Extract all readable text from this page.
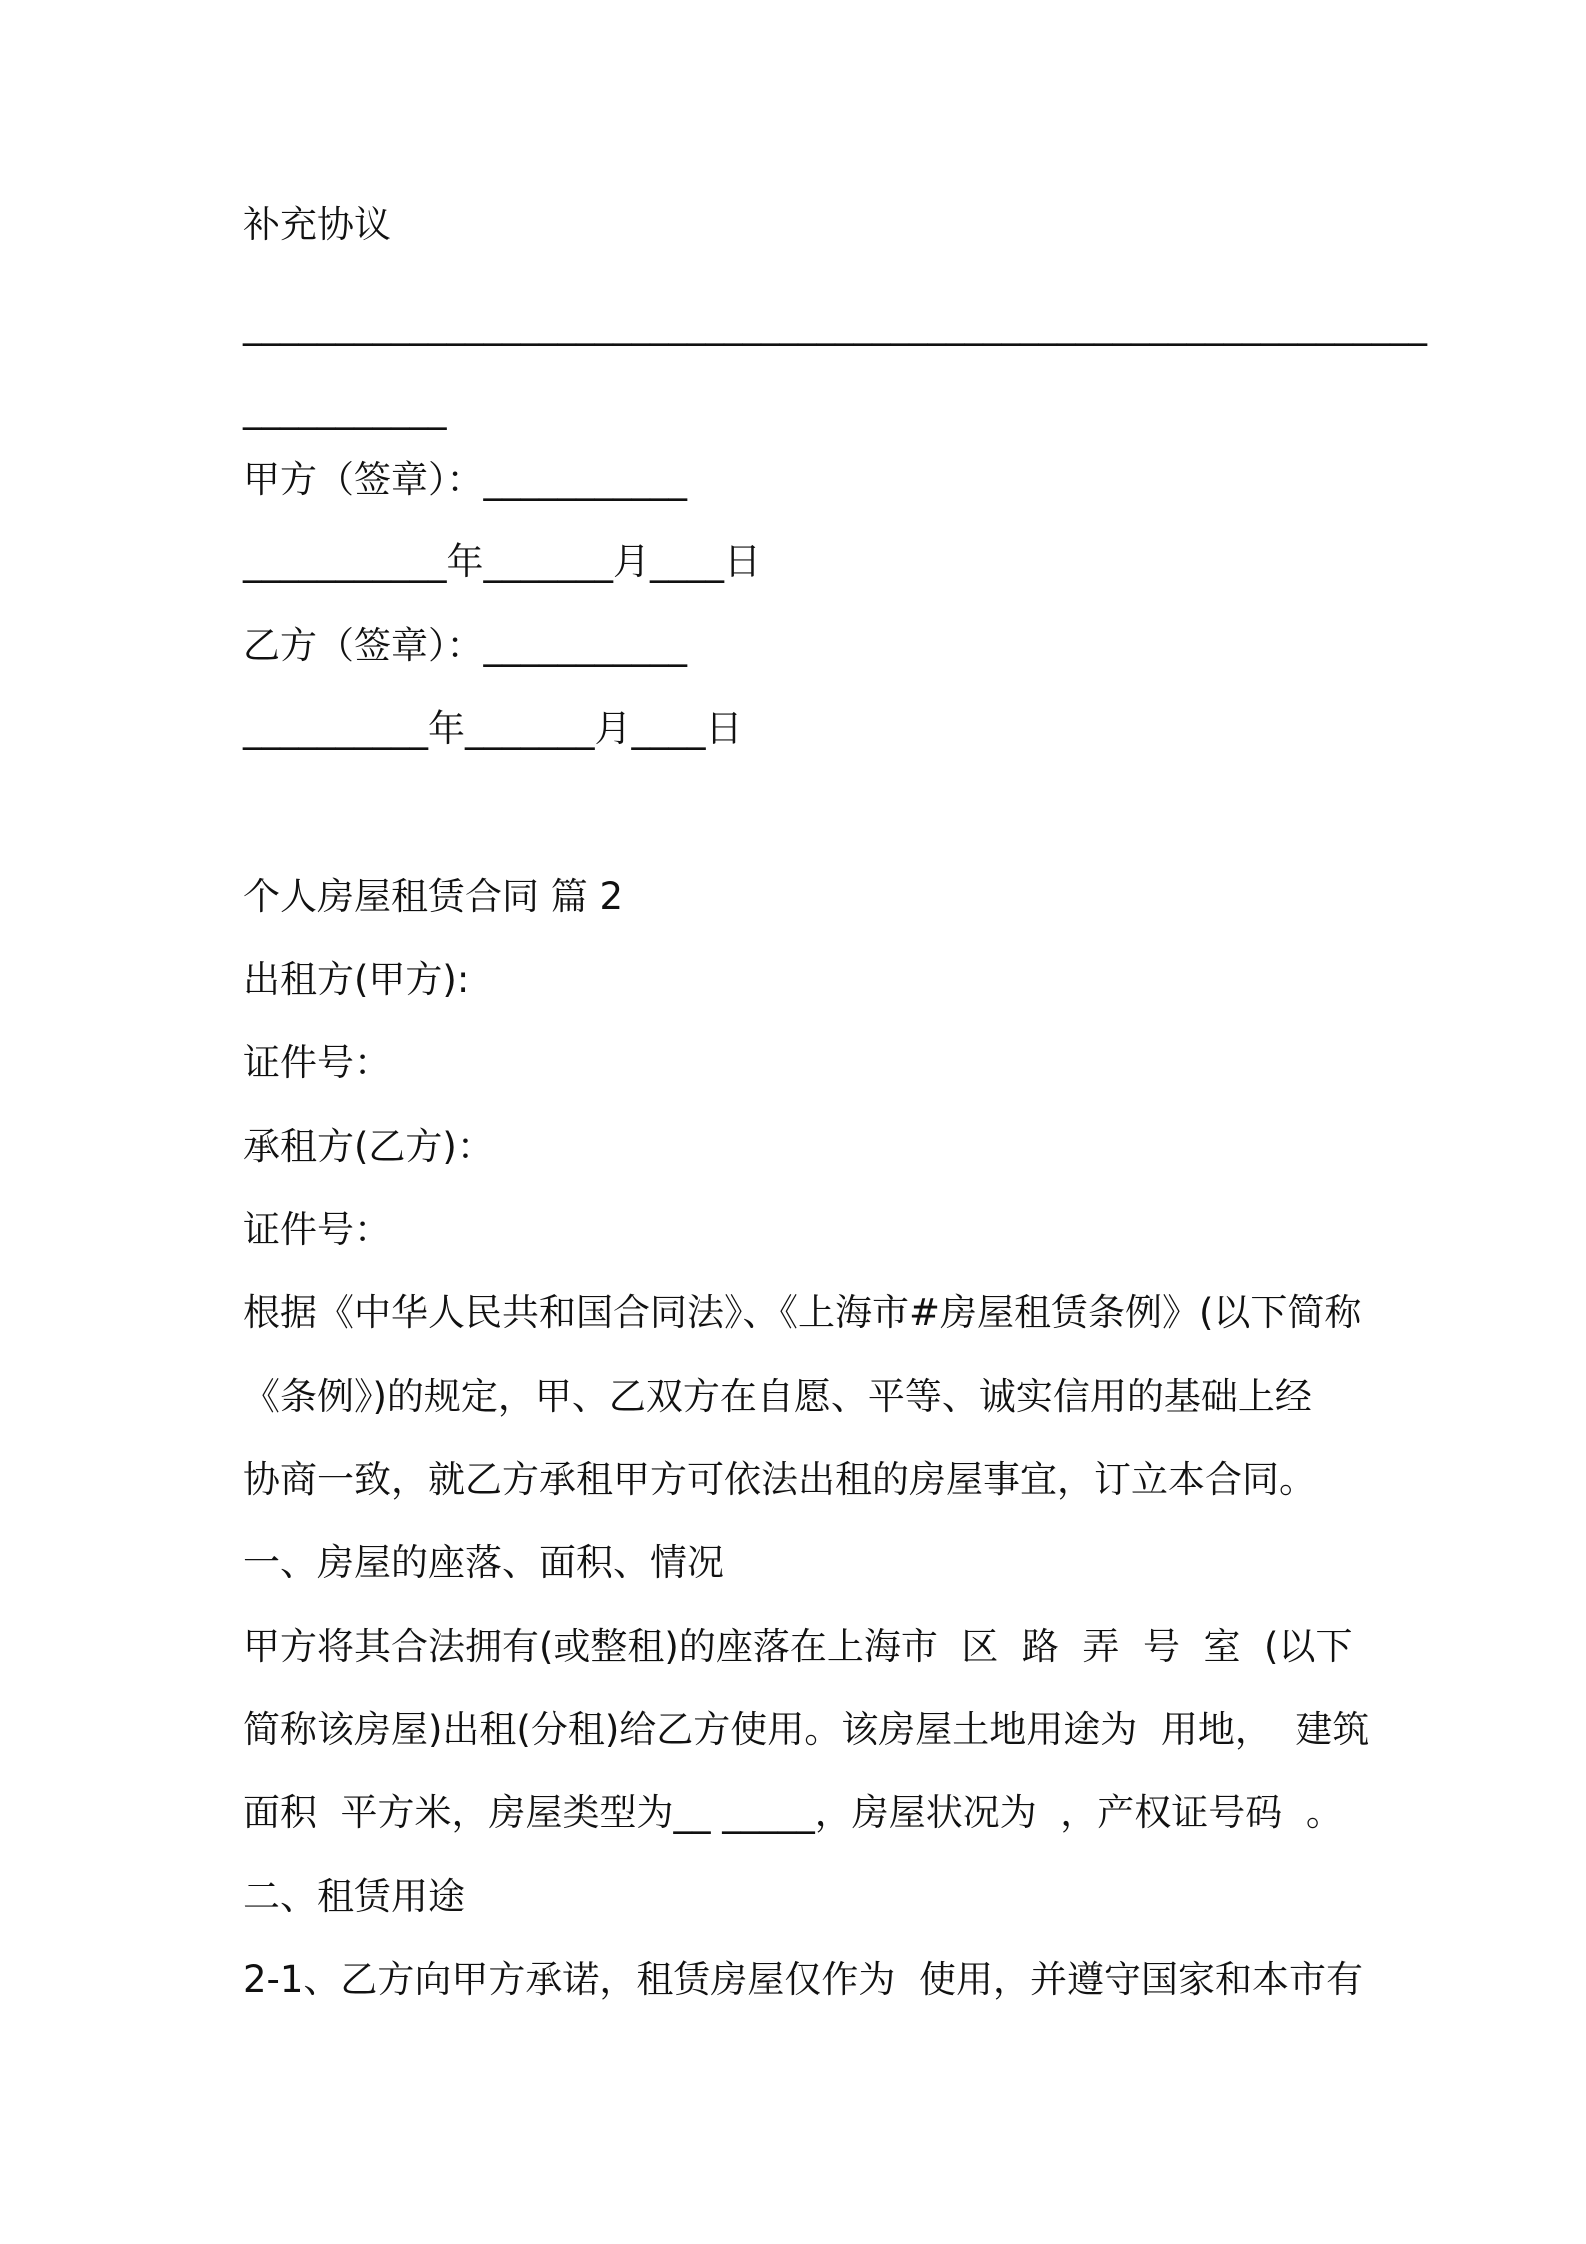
补充协议
________________________________________________________________
___________
甲方（签章）：___________
___________年_______月____日
乙方（签章）：___________
__________年_______月____日
个人房屋租赁合同 篇 2
出租方(甲方):
证件号：
承租方(乙方)：
证件号：
根据《中华人民共和国合同法》、《上海市#房屋租赁条例》(以下简称
《条例》)的规定，甲、乙双方在自愿、平等、诚实信用的基础上经
协商一致，就乙方承租甲方可依法出租的房屋事宜，订立本合同。
一、房屋的座落、面积、情况
甲方将其合法拥有(或整租)的座落在上海市  区  路  弄  号  室  (以下
简称该房屋)出租(分租)给乙方使用。该房屋土地用途为  用地，  建筑
面积  平方米，房屋类型为__ _____，房屋状况为  ，产权证号码  。
二、租赁用途
2-1、乙方向甲方承诺，租赁房屋仅作为  使用，并遵守国家和本市有
